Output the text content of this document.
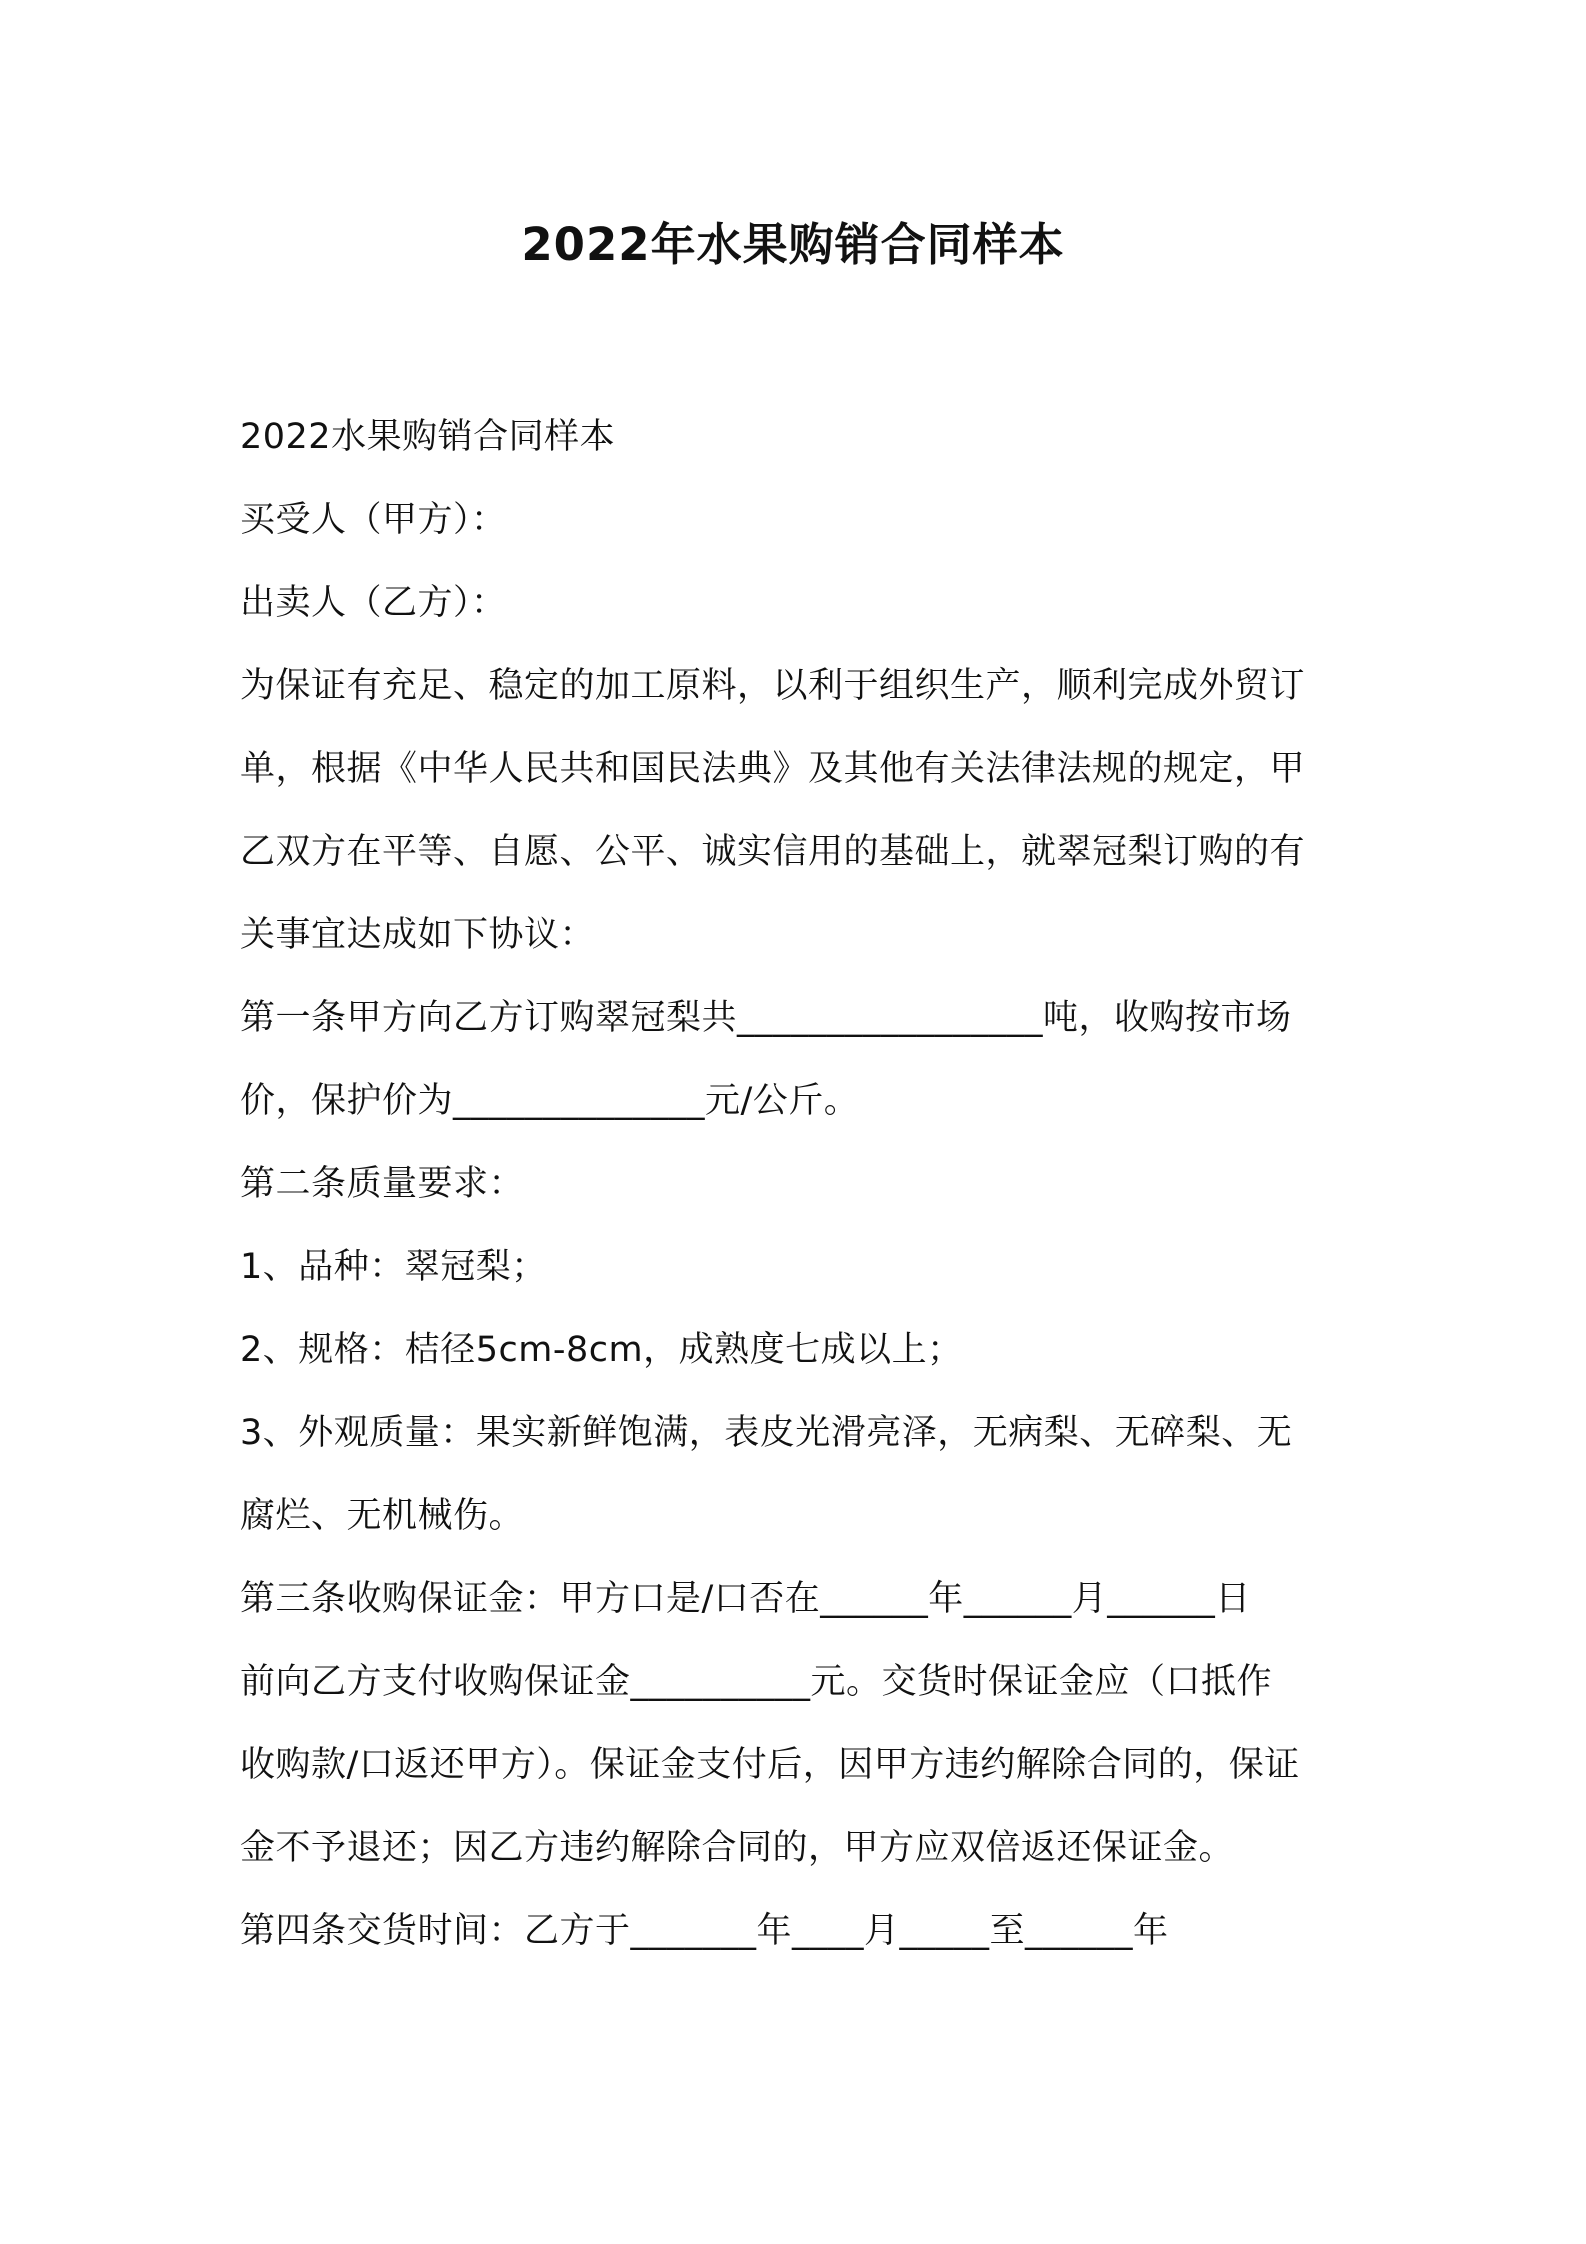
2022年水果购销合同样本
2022水果购销合同样本
买受人（甲方）：
出卖人（乙方）：
为保证有充足、稳定的加工原料，以利于组织生产，顺利完成外贸订
单，根据《中华人民共和国民法典》及其他有关法律法规的规定，甲
乙双方在平等、自愿、公平、诚实信用的基础上，就翠冠梨订购的有
关事宜达成如下协议：
第一条甲方向乙方订购翠冠梨共_________________吨，收购按市场
价，保护价为______________元/公斤。
第二条质量要求：
1、品种：翠冠梨；
2、规格：桔径5cm-8cm，成熟度七成以上；
3、外观质量：果实新鲜饱满，表皮光滑亮泽，无病梨、无碎梨、无
腐烂、无机械伤。
第三条收购保证金：甲方口是/口否在______年______月______日
前向乙方支付收购保证金__________元。交货时保证金应（口抵作
收购款/口返还甲方）。保证金支付后，因甲方违约解除合同的，保证
金不予退还；因乙方违约解除合同的，甲方应双倍返还保证金。
第四条交货时间：乙方于_______年____月_____至______年
